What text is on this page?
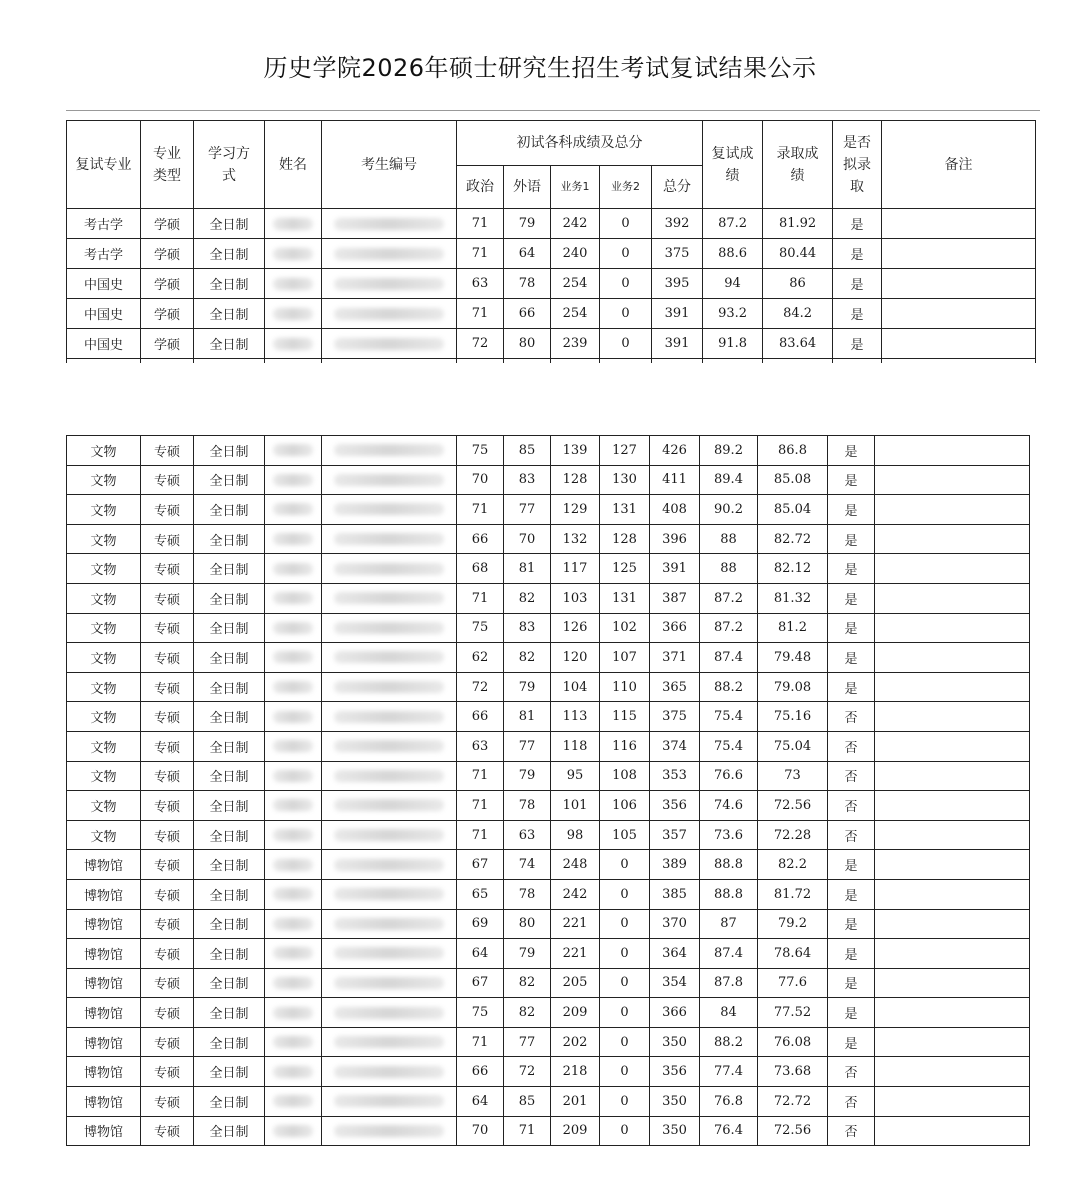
历史学院2026年硕士研究生招生考试复试结果公示
复试专业	专业类型	学习方式	姓名	考生编号	初试各科成绩及总分					复试成绩	录取成绩	是否拟录取	备注
					政治	外语	业务1	业务2	总分				
考古学	学硕	全日制			71	79	242	0	392	87.2	81.92	是	
考古学	学硕	全日制			71	64	240	0	375	88.6	80.44	是	
中国史	学硕	全日制			63	78	254	0	395	94	86	是	
中国史	学硕	全日制			71	66	254	0	391	93.2	84.2	是	
中国史	学硕	全日制			72	80	239	0	391	91.8	83.64	是	

文物	专硕	全日制			75	85	139	127	426	89.2	86.8	是	
文物	专硕	全日制			70	83	128	130	411	89.4	85.08	是	
文物	专硕	全日制			71	77	129	131	408	90.2	85.04	是	
文物	专硕	全日制			66	70	132	128	396	88	82.72	是	
文物	专硕	全日制			68	81	117	125	391	88	82.12	是	
文物	专硕	全日制			71	82	103	131	387	87.2	81.32	是	
文物	专硕	全日制			75	83	126	102	366	87.2	81.2	是	
文物	专硕	全日制			62	82	120	107	371	87.4	79.48	是	
文物	专硕	全日制			72	79	104	110	365	88.2	79.08	是	
文物	专硕	全日制			66	81	113	115	375	75.4	75.16	否	
文物	专硕	全日制			63	77	118	116	374	75.4	75.04	否	
文物	专硕	全日制			71	79	95	108	353	76.6	73	否	
文物	专硕	全日制			71	78	101	106	356	74.6	72.56	否	
文物	专硕	全日制			71	63	98	105	357	73.6	72.28	否	
博物馆	专硕	全日制			67	74	248	0	389	88.8	82.2	是	
博物馆	专硕	全日制			65	78	242	0	385	88.8	81.72	是	
博物馆	专硕	全日制			69	80	221	0	370	87	79.2	是	
博物馆	专硕	全日制			64	79	221	0	364	87.4	78.64	是	
博物馆	专硕	全日制			67	82	205	0	354	87.8	77.6	是	
博物馆	专硕	全日制			75	82	209	0	366	84	77.52	是	
博物馆	专硕	全日制			71	77	202	0	350	88.2	76.08	是	
博物馆	专硕	全日制			66	72	218	0	356	77.4	73.68	否	
博物馆	专硕	全日制			64	85	201	0	350	76.8	72.72	否	
博物馆	专硕	全日制			70	71	209	0	350	76.4	72.56	否	
